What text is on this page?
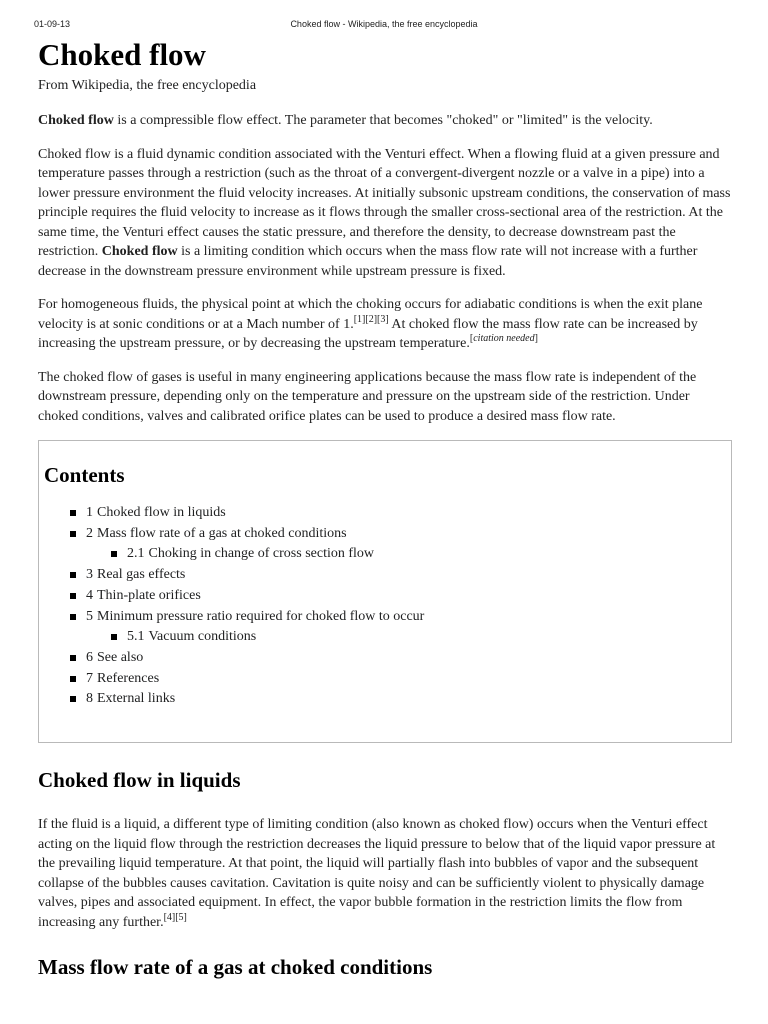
01-09-13	Choked flow - Wikipedia, the free encyclopedia
Choked flow
From Wikipedia, the free encyclopedia

Choked flow is a compressible flow effect. The parameter that becomes "choked" or "limited" is the velocity.

Choked flow is a fluid dynamic condition associated with the Venturi effect. When a flowing fluid at a given pressure and temperature passes through a restriction (such as the throat of a convergent-divergent nozzle or a valve in a pipe) into a lower pressure environment the fluid velocity increases. At initially subsonic upstream conditions, the conservation of mass principle requires the fluid velocity to increase as it flows through the smaller cross-sectional area of the restriction. At the same time, the Venturi effect causes the static pressure, and therefore the density, to decrease downstream past the restriction. Choked flow is a limiting condition which occurs when the mass flow rate will not increase with a further decrease in the downstream pressure environment while upstream pressure is fixed.

For homogeneous fluids, the physical point at which the choking occurs for adiabatic conditions is when the exit plane velocity is at sonic conditions or at a Mach number of 1.[1][2][3] At choked flow the mass flow rate can be increased by increasing the upstream pressure, or by decreasing the upstream temperature.[citation needed]

The choked flow of gases is useful in many engineering applications because the mass flow rate is independent of the downstream pressure, depending only on the temperature and pressure on the upstream side of the restriction. Under choked conditions, valves and calibrated orifice plates can be used to produce a desired mass flow rate.

Contents
1 Choked flow in liquids
2 Mass flow rate of a gas at choked conditions
2.1 Choking in change of cross section flow
3 Real gas effects
4 Thin-plate orifices
5 Minimum pressure ratio required for choked flow to occur
5.1 Vacuum conditions
6 See also
7 References
8 External links
Choked flow in liquids

If the fluid is a liquid, a different type of limiting condition (also known as choked flow) occurs when the Venturi effect acting on the liquid flow through the restriction decreases the liquid pressure to below that of the liquid vapor pressure at the prevailing liquid temperature. At that point, the liquid will partially flash into bubbles of vapor and the subsequent collapse of the bubbles causes cavitation. Cavitation is quite noisy and can be sufficiently violent to physically damage valves, pipes and associated equipment. In effect, the vapor bubble formation in the restriction limits the flow from increasing any further.[4][5]

Mass flow rate of a gas at choked conditions
